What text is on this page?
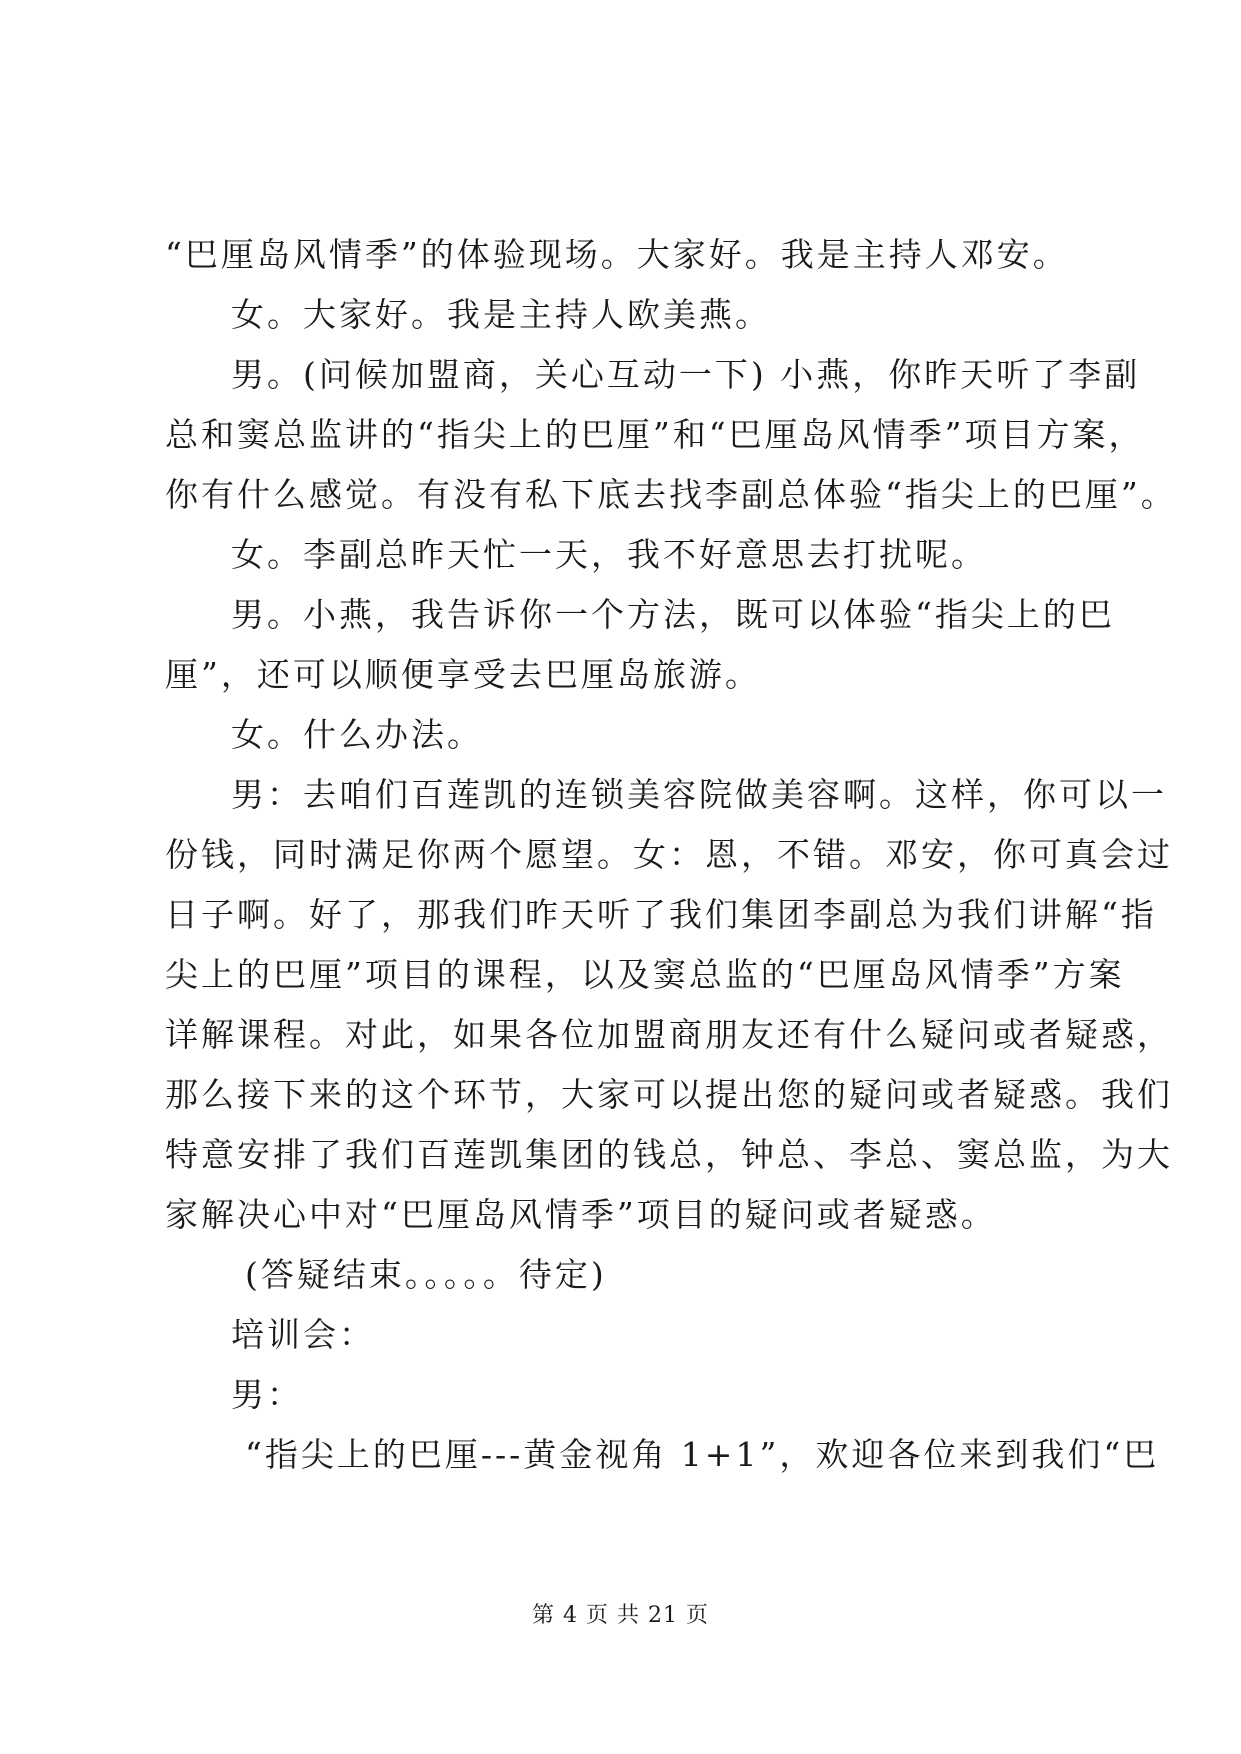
“巴厘岛风情季”的体验现场。大家好。我是主持人邓安。
女。大家好。我是主持人欧美燕。
男。(问候加盟商，关心互动一下) 小燕，你昨天听了李副
总和窦总监讲的“指尖上的巴厘”和“巴厘岛风情季”项目方案，
你有什么感觉。有没有私下底去找李副总体验“指尖上的巴厘”。
女。李副总昨天忙一天，我不好意思去打扰呢。
男。小燕，我告诉你一个方法，既可以体验“指尖上的巴
厘”，还可以顺便享受去巴厘岛旅游。
女。什么办法。
男：去咱们百莲凯的连锁美容院做美容啊。这样，你可以一
份钱，同时满足你两个愿望。女：恩，不错。邓安，你可真会过
日子啊。好了，那我们昨天听了我们集团李副总为我们讲解“指
尖上的巴厘”项目的课程，以及窦总监的“巴厘岛风情季”方案
详解课程。对此，如果各位加盟商朋友还有什么疑问或者疑惑，
那么接下来的这个环节，大家可以提出您的疑问或者疑惑。我们
特意安排了我们百莲凯集团的钱总，钟总、李总、窦总监，为大
家解决心中对“巴厘岛风情季”项目的疑问或者疑惑。
(答疑结束。。。。。待定)
培训会：
男：
“指尖上的巴厘---黄金视角 1+1”，欢迎各位来到我们“巴
第 4 页 共 21 页
